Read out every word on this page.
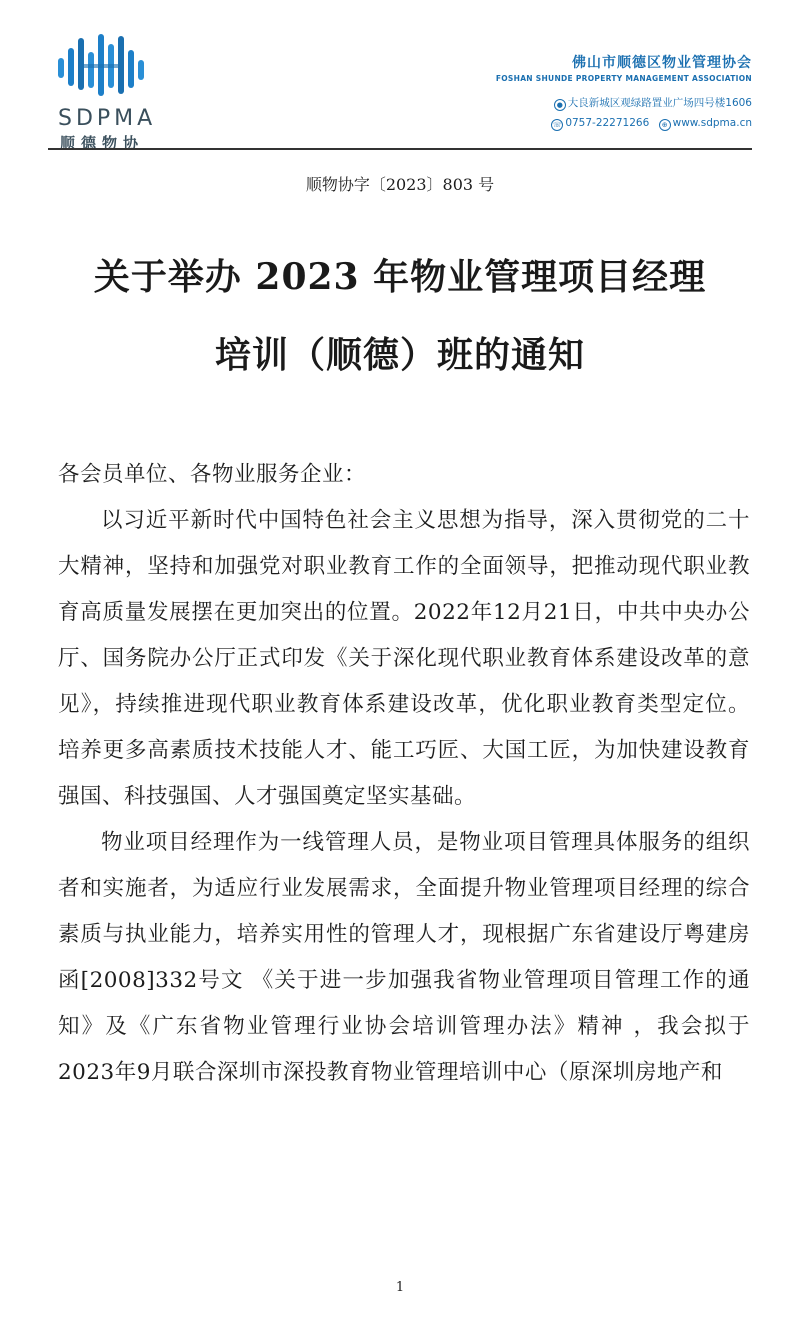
SDPMA
顺德物协
佛山市顺德区物业管理协会
FOSHAN SHUNDE PROPERTY MANAGEMENT ASSOCIATION
● 大良新城区观绿路置业广场四号楼1606
☏ 0757-22271266 ⊕ www.sdpma.cn
顺物协字〔2023〕803 号
关于举办 2023 年物业管理项目经理
培训（顺德）班的通知

各会员单位、各物业服务企业：

以习近平新时代中国特色社会主义思想为指导，深入贯彻党的二十大精神，坚持和加强党对职业教育工作的全面领导，把推动现代职业教育高质量发展摆在更加突出的位置。2022年12月21日，中共中央办公厅、国务院办公厅正式印发《关于深化现代职业教育体系建设改革的意见》，持续推进现代职业教育体系建设改革，优化职业教育类型定位。培养更多高素质技术技能人才、能工巧匠、大国工匠，为加快建设教育强国、科技强国、人才强国奠定坚实基础。

物业项目经理作为一线管理人员，是物业项目管理具体服务的组织者和实施者，为适应行业发展需求，全面提升物业管理项目经理的综合素质与执业能力，培养实用性的管理人才，现根据广东省建设厅粤建房函[2008]332号文 《关于进一步加强我省物业管理项目管理工作的通知》及《广东省物业管理行业协会培训管理办法》精神 ，我会拟于2023年9月联合深圳市深投教育物业管理培训中心（原深圳房地产和

1
